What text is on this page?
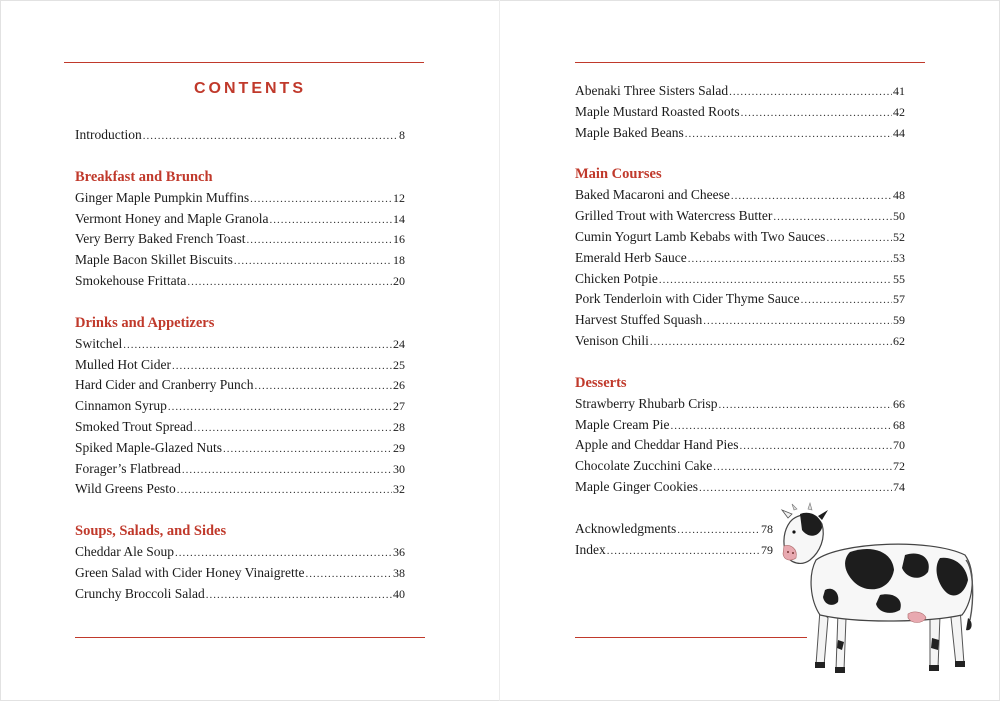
CONTENTS
Introduction .....	8
Breakfast and Brunch
Ginger Maple Pumpkin Muffins .....	12
Vermont Honey and Maple Granola .....	14
Very Berry Baked French Toast .....	16
Maple Bacon Skillet Biscuits .....	18
Smokehouse Frittata .....	20
Drinks and Appetizers
Switchel .....	24
Mulled Hot Cider .....	25
Hard Cider and Cranberry Punch .....	26
Cinnamon Syrup .....	27
Smoked Trout Spread .....	28
Spiked Maple-Glazed Nuts .....	29
Forager’s Flatbread .....	30
Wild Greens Pesto .....	32
Soups, Salads, and Sides
Cheddar Ale Soup .....	36
Green Salad with Cider Honey Vinaigrette .....	38
Crunchy Broccoli Salad .....	40
Abenaki Three Sisters Salad .....	41
Maple Mustard Roasted Roots .....	42
Maple Baked Beans .....	44
Main Courses
Baked Macaroni and Cheese .....	48
Grilled Trout with Watercress Butter .....	50
Cumin Yogurt Lamb Kebabs with Two Sauces .....	52
Emerald Herb Sauce .....	53
Chicken Potpie .....	55
Pork Tenderloin with Cider Thyme Sauce .....	57
Harvest Stuffed Squash .....	59
Venison Chili .....	62
Desserts
Strawberry Rhubarb Crisp .....	66
Maple Cream Pie .....	68
Apple and Cheddar Hand Pies .....	70
Chocolate Zucchini Cake .....	72
Maple Ginger Cookies .....	74
Acknowledgments .....	78
Index .....	79
